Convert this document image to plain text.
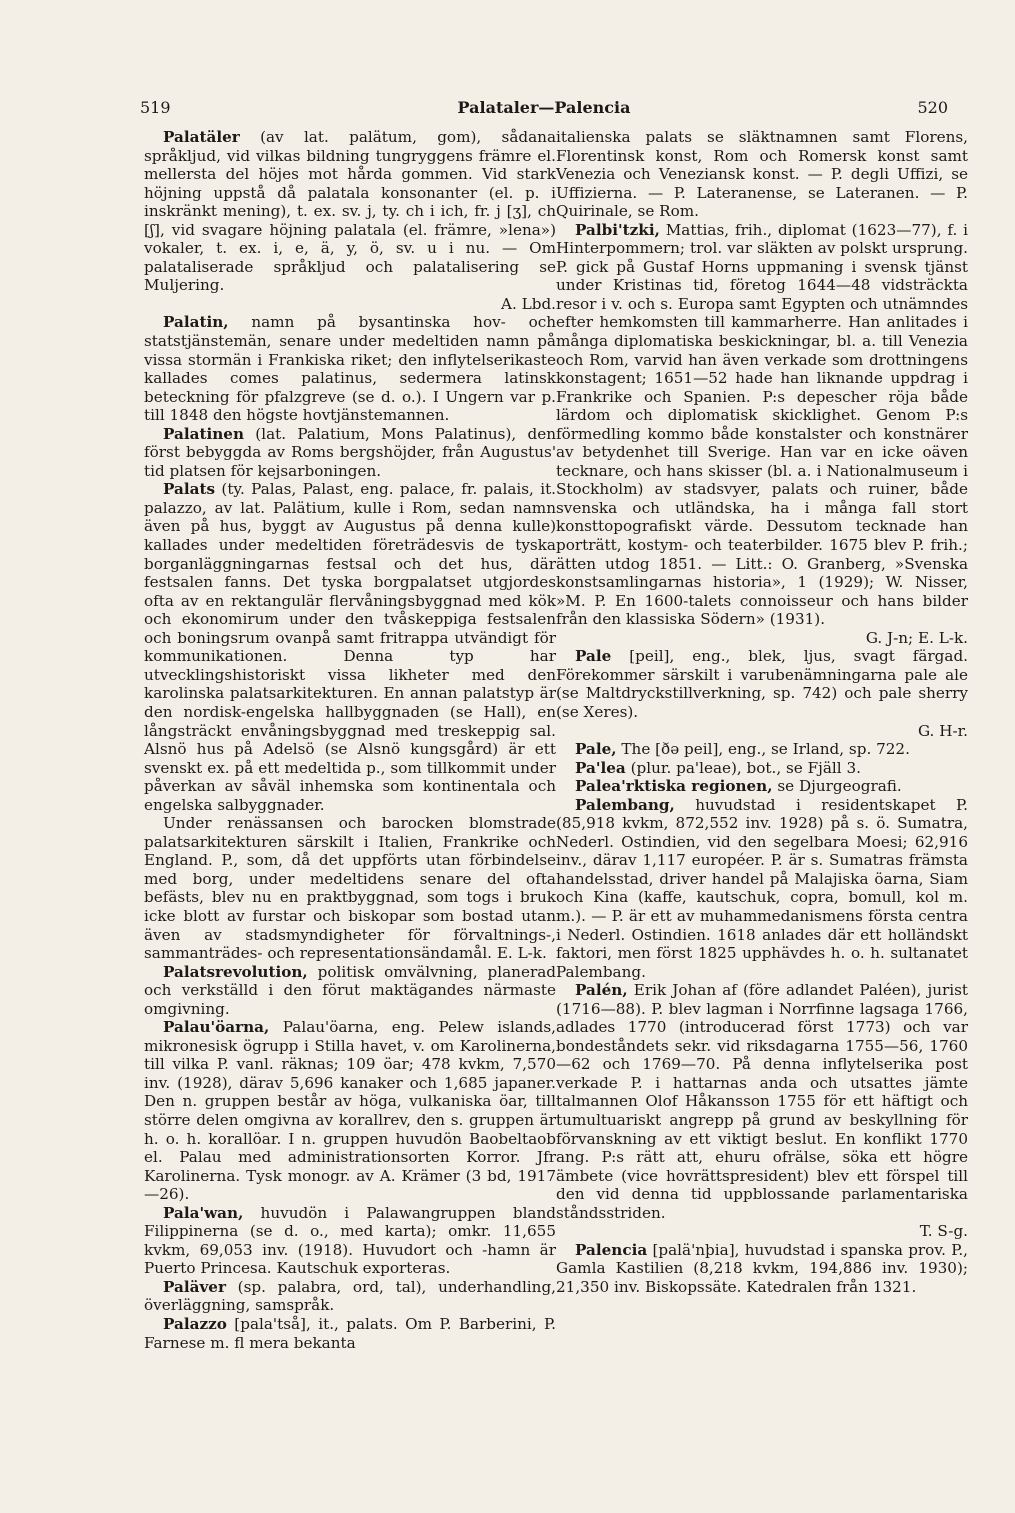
519	Palataler—Palencia	520

Palatäler (av lat. palätum, gom), sådana språkljud, vid vilkas bildning tungryggens främre el. mellersta del höjes mot hårda gommen. Vid stark höjning uppstå då palatala konsonanter (el. p. i inskränkt mening), t. ex. sv. j, ty. ch i ich, fr. j [ʒ], ch [ʃ], vid svagare höjning palatala (el. främre, »lena») vokaler, t. ex. i, e, ä, y, ö, sv. u i nu. — Om palataliserade språkljud och palatalisering se Muljering.
A. Lbd.

Palatin, namn på bysantinska hov- och statstjänstemän, senare under medeltiden namn på vissa stormän i Frankiska riket; den inflytelserikaste kallades comes palatinus, sedermera latinsk beteckning för pfalzgreve (se d. o.). I Ungern var p. till 1848 den högste hovtjänstemannen.

Palatinen (lat. Palatium, Mons Palatinus), den först bebyggda av Roms bergshöjder, från Augustus' tid platsen för kejsarboningen.

Palats (ty. Palas, Palast, eng. palace, fr. palais, it. palazzo, av lat. Palätium, kulle i Rom, sedan namn även på hus, byggt av Augustus på denna kulle) kallades under medeltiden företrädesvis de tyska borganläggningarnas festsal och det hus, där festsalen fanns. Det tyska borgpalatset utgjordes ofta av en rektangulär flervåningsbyggnad med kök och ekonomirum under den tvåskeppiga festsalen och boningsrum ovanpå samt fritrappa utvändigt för kommunikationen. Denna typ har utvecklingshistoriskt vissa likheter med den karolinska palatsarkitekturen. En annan palatstyp är den nordisk-engelska hallbyggnaden (se Hall), en långsträckt envåningsbyggnad med treskeppig sal. Alsnö hus på Adelsö (se Alsnö kungsgård) är ett svenskt ex. på ett medeltida p., som tillkommit under påverkan av såväl inhemska som kontinentala och engelska salbyggnader.

Under renässansen och barocken blomstrade palatsarkitekturen särskilt i Italien, Frankrike och England. P., som, då det uppförts utan förbindelse med borg, under medeltidens senare del ofta befästs, blev nu en praktbyggnad, som togs i bruk icke blott av furstar och biskopar som bostad utan även av stadsmyndigheter för förvaltnings-, sammanträdes- och representationsändamål. E. L-k.

Palatsrevolution, politisk omvälvning, planerad och verkställd i den förut maktägandes närmaste omgivning.

Palau'öarna, Palau'öarna, eng. Pelew islands, mikronesisk ögrupp i Stilla havet, v. om Karolinerna, till vilka P. vanl. räknas; 109 öar; 478 kvkm, 7,570 inv. (1928), därav 5,696 kanaker och 1,685 japaner. Den n. gruppen består av höga, vulkaniska öar, till större delen omgivna av korallrev, den s. gruppen är h. o. h. korallöar. I n. gruppen huvudön Baobeltaob el. Palau med administrationsorten Korror. Jfr Karolinerna. Tysk monogr. av A. Krämer (3 bd, 1917—26).

Pala'wan, huvudön i Palawangruppen bland Filippinerna (se d. o., med karta); omkr. 11,655 kvkm, 69,053 inv. (1918). Huvudort och -hamn är Puerto Princesa. Kautschuk exporteras.

Paläver (sp. palabra, ord, tal), underhandling, överläggning, samspråk.

Palazzo [pala'tså], it., palats. Om P. Barberini, P. Farnese m. fl mera bekanta

italienska palats se släktnamnen samt Florens, Florentinsk konst, Rom och Romersk konst samt Venezia och Veneziansk konst. — P. degli Uffizi, se Uffizierna. — P. Lateranense, se Lateranen. — P. Quirinale, se Rom.

Palbi'tzki, Mattias, frih., diplomat (1623—77), f. i Hinterpommern; trol. var släkten av polskt ursprung. P. gick på Gustaf Horns uppmaning i svensk tjänst under Kristinas tid, företog 1644—48 vidsträckta resor i v. och s. Europa samt Egypten och utnämndes efter hemkomsten till kammarherre. Han anlitades i många diplomatiska beskickningar, bl. a. till Venezia och Rom, varvid han även verkade som drottningens konstagent; 1651—52 hade han liknande uppdrag i Frankrike och Spanien. P:s depescher röja både lärdom och diplomatisk skicklighet. Genom P:s förmedling kommo både konstalster och konstnärer av betydenhet till Sverige. Han var en icke oäven tecknare, och hans skisser (bl. a. i Nationalmuseum i Stockholm) av stadsvyer, palats och ruiner, både svenska och utländska, ha i många fall stort konsttopografiskt värde. Dessutom tecknade han porträtt, kostym- och teaterbilder. 1675 blev P. frih.; ätten utdog 1851. — Litt.: O. Granberg, »Svenska konstsamlingarnas historia», 1 (1929); W. Nisser, »M. P. En 1600-talets connoisseur och hans bilder från den klassiska Södern» (1931).
G. J-n; E. L-k.

Pale [peil], eng., blek, ljus, svagt färgad. Förekommer särskilt i varubenämningarna pale ale (se Maltdryckstillverkning, sp. 742) och pale sherry (se Xeres).
G. H-r.

Pale, The [ðə peil], eng., se Irland, sp. 722.

Pa'lea (plur. pa'leae), bot., se Fjäll 3.

Palea'rktiska regionen, se Djurgeografi.

Palembang, huvudstad i residentskapet P. (85,918 kvkm, 872,552 inv. 1928) på s. ö. Sumatra, Nederl. Ostindien, vid den segelbara Moesi; 62,916 inv., därav 1,117 européer. P. är s. Sumatras främsta handelsstad, driver handel på Malajiska öarna, Siam och Kina (kaffe, kautschuk, copra, bomull, kol m. m.). — P. är ett av muhammedanismens första centra i Nederl. Ostindien. 1618 anlades där ett holländskt faktori, men först 1825 upphävdes h. o. h. sultanatet Palembang.

Palén, Erik Johan af (före adlandet Paléen), jurist (1716—88). P. blev lagman i Norrfinne lagsaga 1766, adlades 1770 (introducerad först 1773) och var bondeståndets sekr. vid riksdagarna 1755—56, 1760—62 och 1769—70. På denna inflytelserika post verkade P. i hattarnas anda och utsattes jämte talmannen Olof Håkansson 1755 för ett häftigt och tumultuariskt angrepp på grund av beskyllning för förvanskning av ett viktigt beslut. En konflikt 1770 ang. P:s rätt att, ehuru ofrälse, söka ett högre ämbete (vice hovrättspresident) blev ett förspel till den vid denna tid uppblossande parlamentariska ståndsstriden.
T. S-g.

Palencia [palä'nþia], huvudstad i spanska prov. P., Gamla Kastilien (8,218 kvkm, 194,886 inv. 1930); 21,350 inv. Biskopssäte. Katedralen från 1321.
